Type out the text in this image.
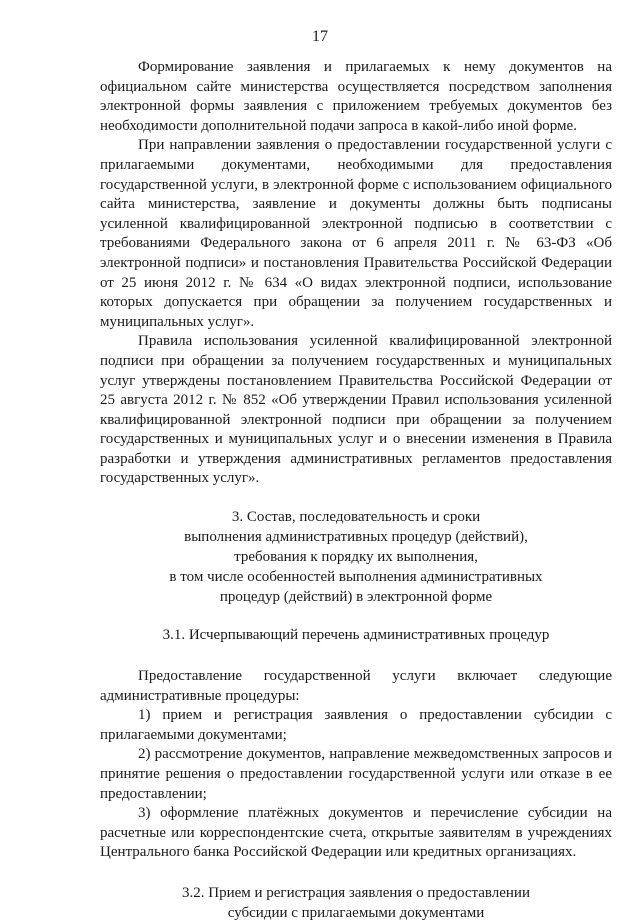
17

Формирование заявления и прилагаемых к нему документов на официальном сайте министерства осуществляется посредством заполнения электронной формы заявления с приложением требуемых документов без необходимости дополнительной подачи запроса в какой-либо иной форме.

При направлении заявления о предоставлении государственной услуги с прилагаемыми документами, необходимыми для предоставления государственной услуги, в электронной форме с использованием официального сайта министерства, заявление и документы должны быть подписаны усиленной квалифицированной электронной подписью в соответствии с требованиями Федерального закона от 6 апреля 2011 г. № 63-ФЗ «Об электронной подписи» и постановления Правительства Российской Федерации от 25 июня 2012 г. № 634 «О видах электронной подписи, использование которых допускается при обращении за получением государственных и муниципальных услуг».

Правила использования усиленной квалифицированной электронной подписи при обращении за получением государственных и муниципальных услуг утверждены постановлением Правительства Российской Федерации от 25 августа 2012 г. № 852 «Об утверждении Правил использования усиленной квалифицированной электронной подписи при обращении за получением государственных и муниципальных услуг и о внесении изменения в Правила разработки и утверждения административных регламентов предоставления государственных услуг».

3. Состав, последовательность и сроки

выполнения административных процедур (действий),

требования к порядку их выполнения,

в том числе особенностей выполнения административных

процедур (действий) в электронной форме

3.1. Исчерпывающий перечень административных процедур

Предоставление государственной услуги включает следующие административные процедуры:

1) прием и регистрация заявления о предоставлении субсидии с прилагаемыми документами;

2) рассмотрение документов, направление межведомственных запросов и принятие решения о предоставлении государственной услуги или отказе в ее предоставлении;

3) оформление платёжных документов и перечисление субсидии на расчетные или корреспондентские счета, открытые заявителям в учреждениях Центрального банка Российской Федерации или кредитных организациях.

3.2. Прием и регистрация заявления о предоставлении

субсидии с прилагаемыми документами
